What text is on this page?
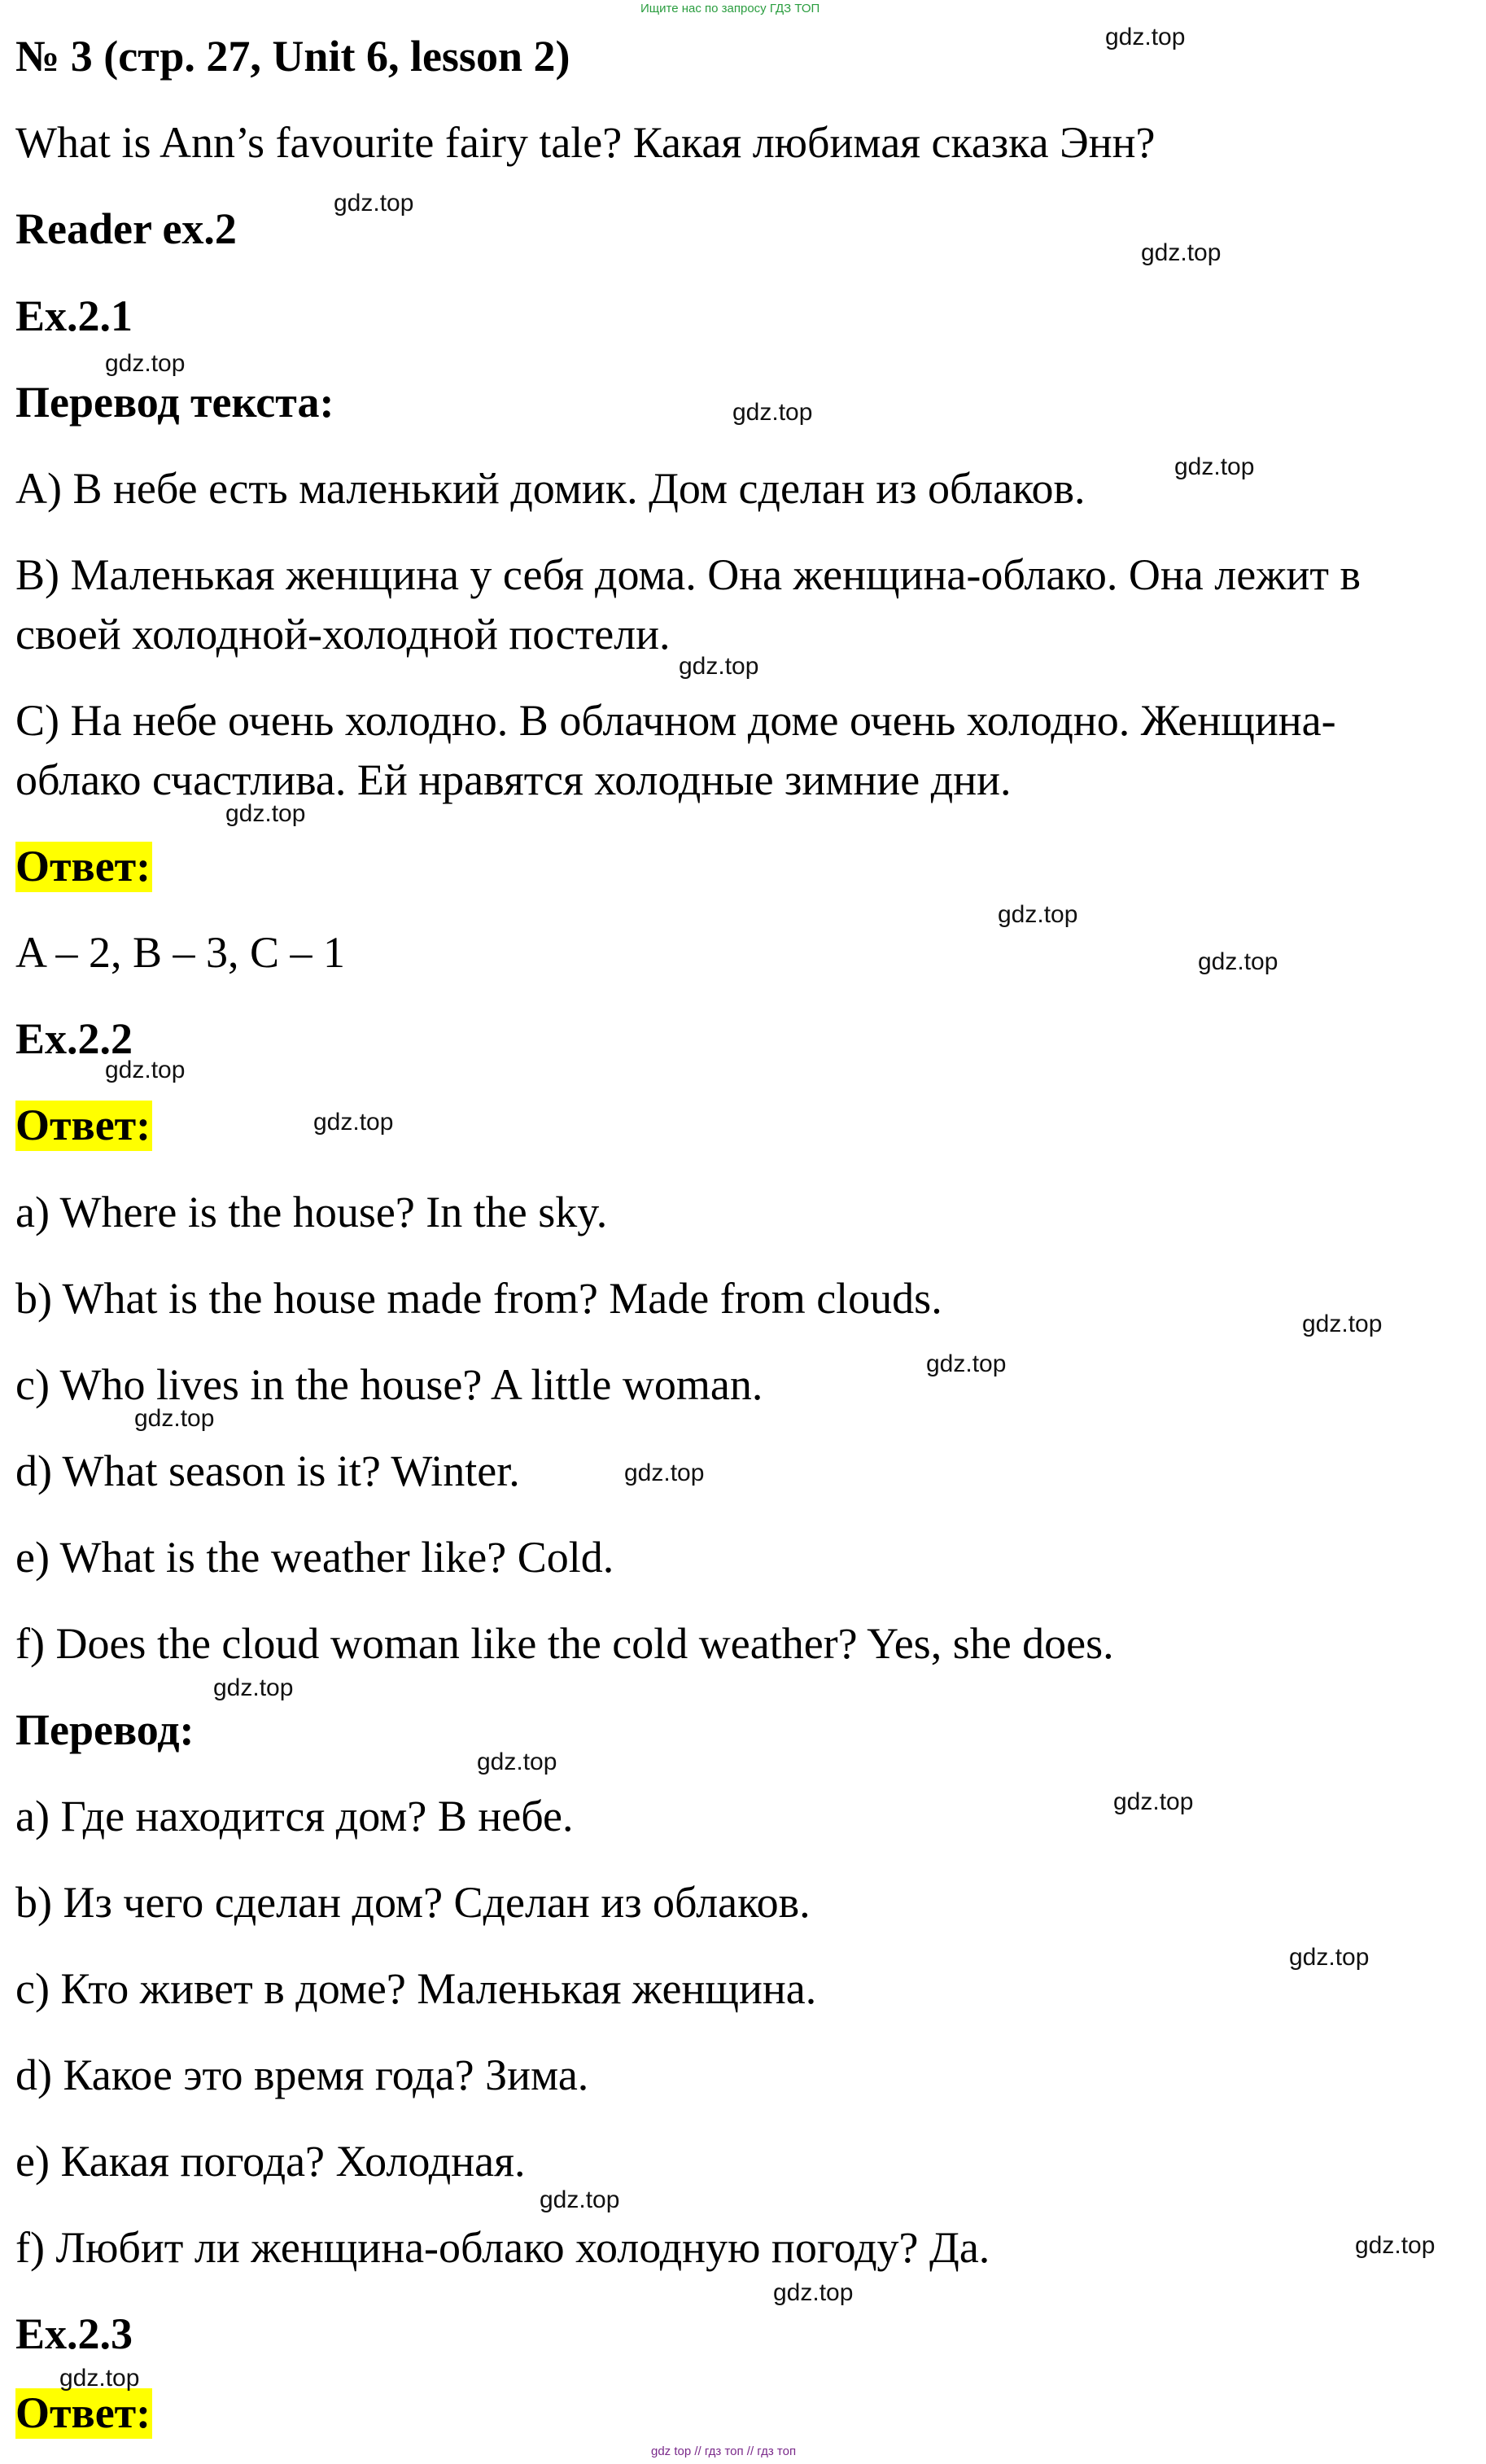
Ищите нас по запросу ГДЗ ТОП
№ 3 (стр. 27, Unit 6, lesson 2)
What is Ann’s favourite fairy tale? Какая любимая сказка Энн?
Reader ex.2
Ex.2.1
Перевод текста:
A) В небе есть маленький домик. Дом сделан из облаков.
B) Маленькая женщина у себя дома. Она женщина-облако. Она лежит в
своей холодной-холодной постели.
C) На небе очень холодно. В облачном доме очень холодно. Женщина-
облако счастлива. Ей нравятся холодные зимние дни.
Ответ:
A – 2, B – 3, C – 1
Ex.2.2
Ответ:
a) Where is the house? In the sky.
b) What is the house made from? Made from clouds.
c) Who lives in the house? A little woman.
d) What season is it? Winter.
e) What is the weather like? Cold.
f) Does the cloud woman like the cold weather? Yes, she does.
Перевод:
a) Где находится дом? В небе.
b) Из чего сделан дом? Сделан из облаков.
c) Кто живет в доме? Маленькая женщина.
d) Какое это время года? Зима.
e) Какая погода? Холодная.
f) Любит ли женщина-облако холодную погоду? Да.
Ex.2.3
Ответ:
gdz.top
gdz.top
gdz.top
gdz.top
gdz.top
gdz.top
gdz.top
gdz.top
gdz.top
gdz.top
gdz.top
gdz.top
gdz.top
gdz.top
gdz.top
gdz.top
gdz.top
gdz.top
gdz.top
gdz.top
gdz.top
gdz.top
gdz.top
gdz.top
gdz top // гдз топ // гдз топ
